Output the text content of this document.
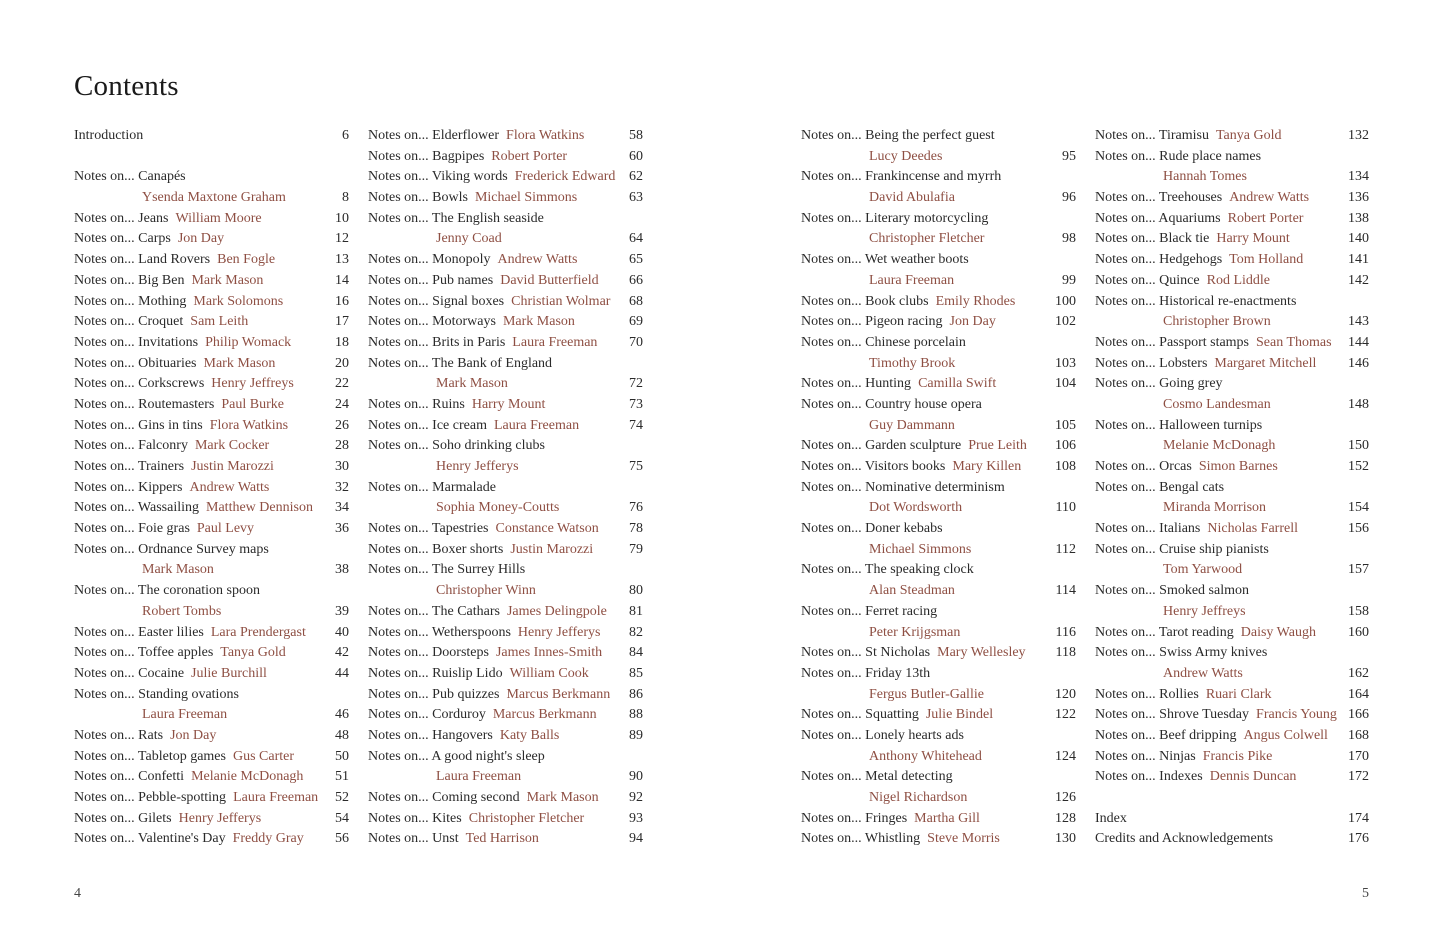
Contents
Introduction	6
Notes on... Canapés
Ysenda Maxtone Graham	8
Notes on... Jeans William Moore	10
Notes on... Carps Jon Day	12
Notes on... Land Rovers Ben Fogle	13
Notes on... Big Ben Mark Mason	14
Notes on... Mothing Mark Solomons	16
Notes on... Croquet Sam Leith	17
Notes on... Invitations Philip Womack	18
Notes on... Obituaries Mark Mason	20
Notes on... Corkscrews Henry Jeffreys	22
Notes on... Routemasters Paul Burke	24
Notes on... Gins in tins Flora Watkins	26
Notes on... Falconry Mark Cocker	28
Notes on... Trainers Justin Marozzi	30
Notes on... Kippers Andrew Watts	32
Notes on... Wassailing Matthew Dennison 34
Notes on... Foie gras Paul Levy	36
Notes on... Ordnance Survey maps
Mark Mason	38
Notes on... The coronation spoon
Robert Tombs	39
Notes on... Easter lilies Lara Prendergast 40
Notes on... Toffee apples Tanya Gold	42
Notes on... Cocaine Julie Burchill	44
Notes on... Standing ovations
Laura Freeman	46
Notes on... Rats Jon Day	48
Notes on... Tabletop games Gus Carter	50
Notes on... Confetti Melanie McDonagh 51
Notes on... Pebble-spotting Laura Freeman 52
Notes on... Gilets Henry Jefferys	54
Notes on... Valentine's Day Freddy Gray 56
Notes on... Elderflower Flora Watkins	58
Notes on... Bagpipes Robert Porter	60
Notes on... Viking words Frederick Edward 62
Notes on... Bowls Michael Simmons	63
Notes on... The English seaside
Jenny Coad	64
Notes on... Monopoly Andrew Watts	65
Notes on... Pub names David Butterfield 66
Notes on... Signal boxes Christian Wolmar 68
Notes on... Motorways Mark Mason	69
Notes on... Brits in Paris Laura Freeman 70
Notes on... The Bank of England
Mark Mason	72
Notes on... Ruins Harry Mount	73
Notes on... Ice cream Laura Freeman	74
Notes on... Soho drinking clubs
Henry Jefferys	75
Notes on... Marmalade
Sophia Money-Coutts	76
Notes on... Tapestries Constance Watson 78
Notes on... Boxer shorts Justin Marozzi	79
Notes on... The Surrey Hills
Christopher Winn	80
Notes on... The Cathars James Delingpole 81
Notes on... Wetherspoons Henry Jefferys 82
Notes on... Doorsteps James Innes-Smith 84
Notes on... Ruislip Lido William Cook	85
Notes on... Pub quizzes Marcus Berkmann 86
Notes on... Corduroy Marcus Berkmann 88
Notes on... Hangovers Katy Balls	89
Notes on... A good night's sleep
Laura Freeman	90
Notes on... Coming second Mark Mason 92
Notes on... Kites Christopher Fletcher	93
Notes on... Unst Ted Harrison	94
Notes on... Being the perfect guest
Lucy Deedes	95
Notes on... Frankincense and myrrh
David Abulafia	96
Notes on... Literary motorcycling
Christopher Fletcher	98
Notes on... Wet weather boots
Laura Freeman	99
Notes on... Book clubs Emily Rhodes	100
Notes on... Pigeon racing Jon Day	102
Notes on... Chinese porcelain
Timothy Brook	103
Notes on... Hunting Camilla Swift	104
Notes on... Country house opera
Guy Dammann	105
Notes on... Garden sculpture Prue Leith 106
Notes on... Visitors books Mary Killen 108
Notes on... Nominative determinism
Dot Wordsworth	110
Notes on... Doner kebabs
Michael Simmons	112
Notes on... The speaking clock
Alan Steadman	114
Notes on... Ferret racing
Peter Krijgsman	116
Notes on... St Nicholas Mary Wellesley 118
Notes on... Friday 13th
Fergus Butler-Gallie	120
Notes on... Squatting Julie Bindel	122
Notes on... Lonely hearts ads
Anthony Whitehead	124
Notes on... Metal detecting
Nigel Richardson	126
Notes on... Fringes Martha Gill	128
Notes on... Whistling Steve Morris	130
Notes on... Tiramisu Tanya Gold	132
Notes on... Rude place names
Hannah Tomes	134
Notes on... Treehouses Andrew Watts	136
Notes on... Aquariums Robert Porter	138
Notes on... Black tie Harry Mount	140
Notes on... Hedgehogs Tom Holland	141
Notes on... Quince Rod Liddle	142
Notes on... Historical re-enactments
Christopher Brown	143
Notes on... Passport stamps Sean Thomas 144
Notes on... Lobsters Margaret Mitchell 146
Notes on... Going grey
Cosmo Landesman	148
Notes on... Halloween turnips
Melanie McDonagh	150
Notes on... Orcas Simon Barnes	152
Notes on... Bengal cats
Miranda Morrison	154
Notes on... Italians Nicholas Farrell	156
Notes on... Cruise ship pianists
Tom Yarwood	157
Notes on... Smoked salmon
Henry Jeffreys	158
Notes on... Tarot reading Daisy Waugh 160
Notes on... Swiss Army knives
Andrew Watts	162
Notes on... Rollies Ruari Clark	164
Notes on... Shrove Tuesday Francis Young 166
Notes on... Beef dripping Angus Colwell 168
Notes on... Ninjas Francis Pike	170
Notes on... Indexes Dennis Duncan	172
Index	174
Credits and Acknowledgements	176
4	5
